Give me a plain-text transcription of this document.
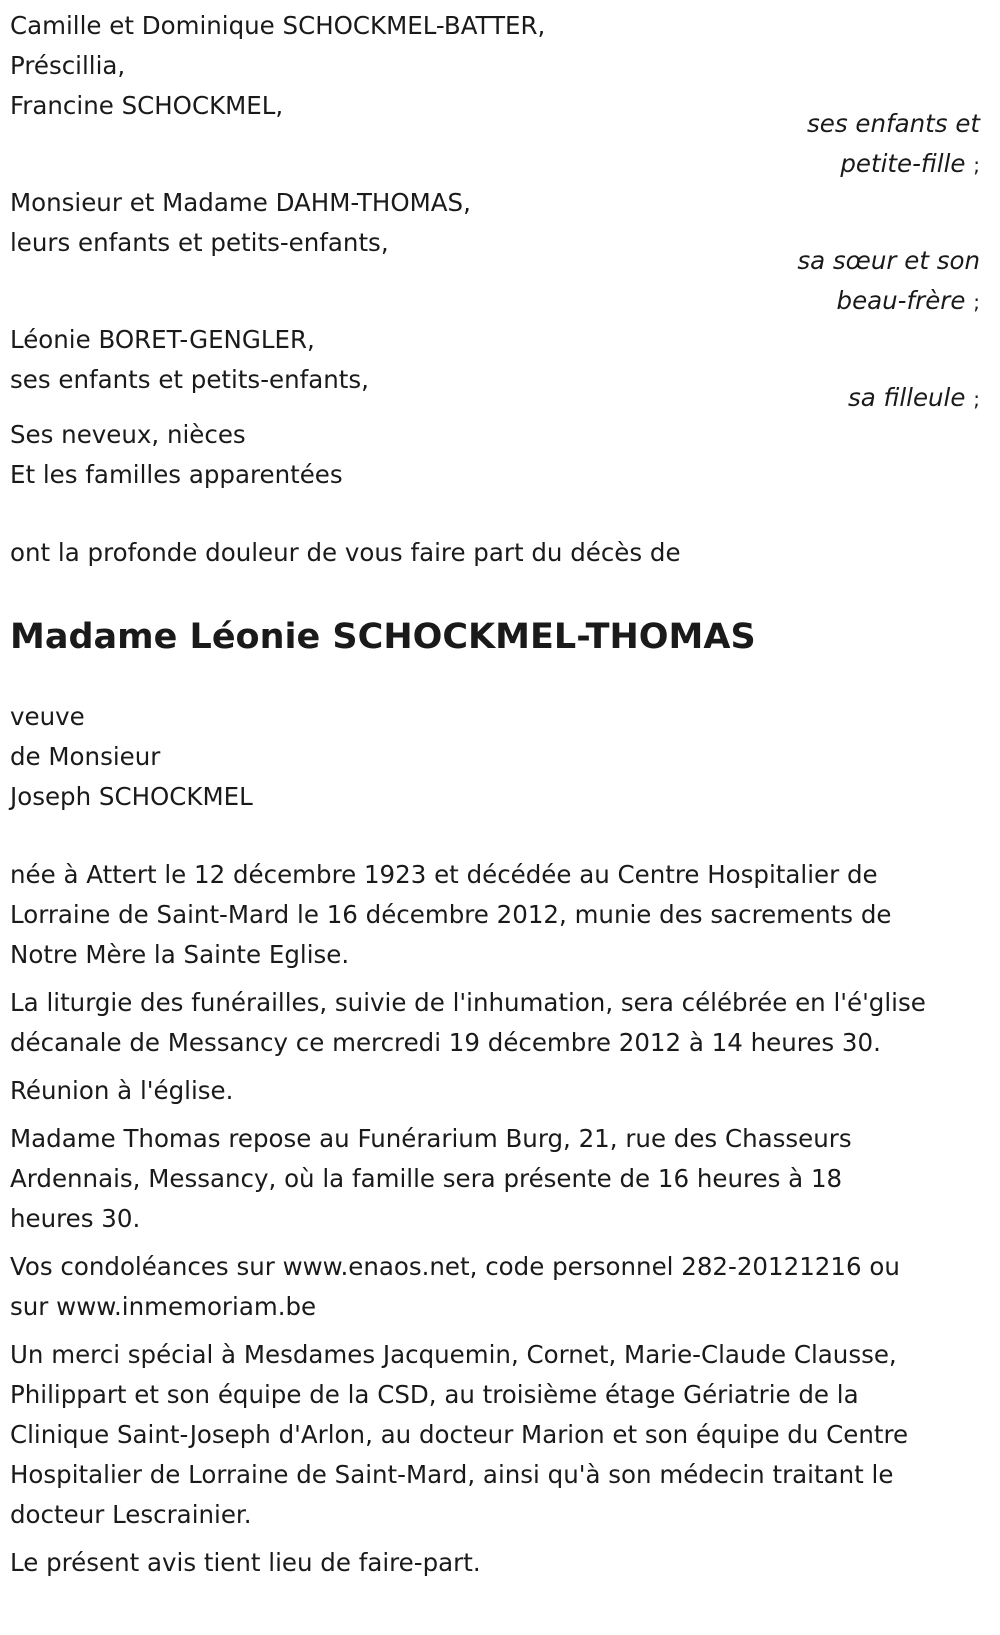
Camille et Dominique SCHOCKMEL-BATTER,
Préscillia,
Francine SCHOCKMEL,
ses enfants et
petite-fille ;
Monsieur et Madame DAHM-THOMAS,
leurs enfants et petits-enfants,
sa sœur et son
beau-frère ;
Léonie BORET-GENGLER,
ses enfants et petits-enfants,
sa filleule ;
Ses neveux, nièces
Et les familles apparentées
ont la profonde douleur de vous faire part du décès de
Madame Léonie SCHOCKMEL-THOMAS
veuve
de Monsieur
Joseph SCHOCKMEL
née à Attert le 12 décembre 1923 et décédée au Centre Hospitalier de
Lorraine de Saint-Mard le 16 décembre 2012, munie des sacrements de
Notre Mère la Sainte Eglise.
La liturgie des funérailles, suivie de l'inhumation, sera célébrée en l'é'glise
décanale de Messancy ce mercredi 19 décembre 2012 à 14 heures 30.
Réunion à l'église.
Madame Thomas repose au Funérarium Burg, 21, rue des Chasseurs
Ardennais, Messancy, où la famille sera présente de 16 heures à 18
heures 30.
Vos condoléances sur www.enaos.net, code personnel 282-20121216 ou
sur www.inmemoriam.be
Un merci spécial à Mesdames Jacquemin, Cornet, Marie-Claude Clausse,
Philippart et son équipe de la CSD, au troisième étage Gériatrie de la
Clinique Saint-Joseph d'Arlon, au docteur Marion et son équipe du Centre
Hospitalier de Lorraine de Saint-Mard, ainsi qu'à son médecin traitant le
docteur Lescrainier.
Le présent avis tient lieu de faire-part.
